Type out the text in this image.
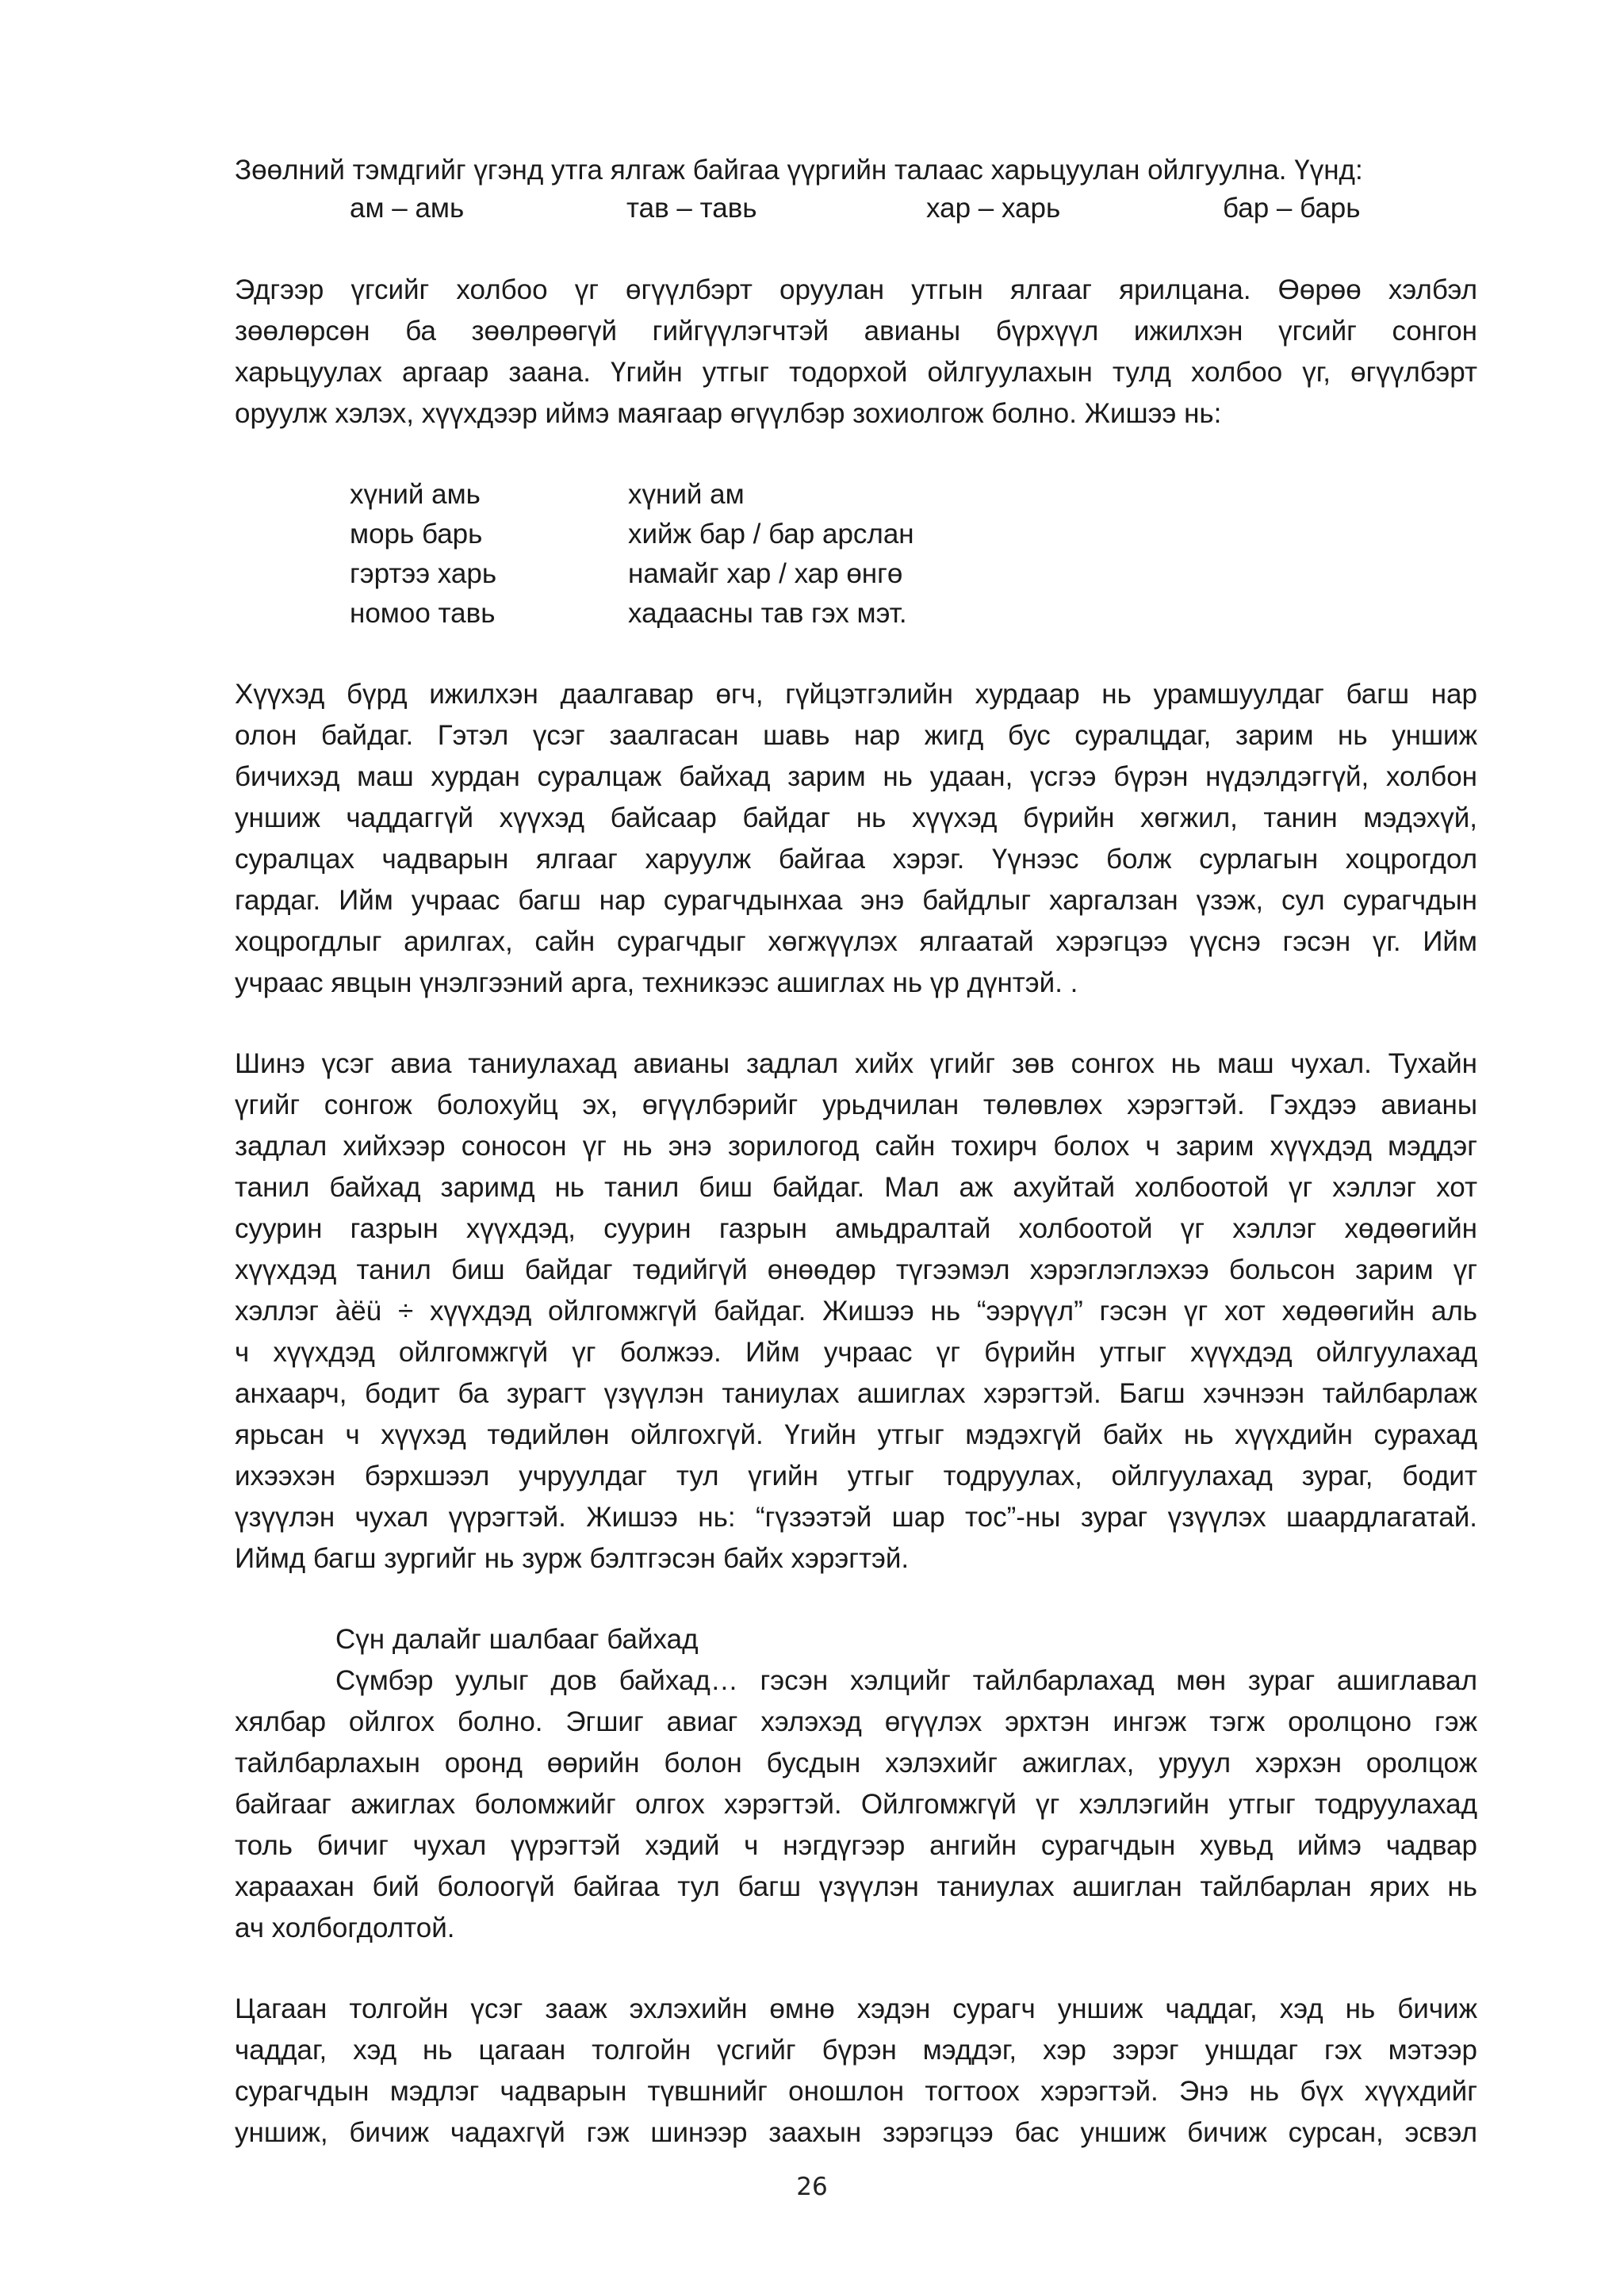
Зөөлний тэмдгийг үгэнд утга ялгаж байгаа үүргийн талаас харьцуулан ойлгуулна. Үүнд:
ам – амь	тав – тавь	хар – харь	бар – барь
Эдгээр үгсийг холбоо үг өгүүлбэрт оруулан утгын ялгааг ярилцана. Өөрөө хэлбэл
зөөлөрсөн ба зөөлрөөгүй гийгүүлэгчтэй авианы бүрхүүл ижилхэн үгсийг сонгон
харьцуулах аргаар заана. Үгийн утгыг тодорхой ойлгуулахын тулд холбоо үг, өгүүлбэрт
оруулж хэлэх, хүүхдээр иймэ маягаар өгүүлбэр зохиолгож болно. Жишээ нь:
хүний амь	хүний ам
морь барь	хийж бар / бар арслан
гэртээ харь	намайг хар / хар өнгө
номоо тавь	хадаасны тав гэх мэт.
Хүүхэд бүрд ижилхэн даалгавар өгч, гүйцэтгэлийн хурдаар нь урамшуулдаг багш нар
олон байдаг. Гэтэл үсэг заалгасан шавь нар жигд бус суралцдаг, зарим нь уншиж
бичихэд маш хурдан суралцаж байхад зарим нь удаан, үсгээ бүрэн нүдэлдэггүй, холбон
уншиж чаддаггүй хүүхэд байсаар байдаг нь хүүхэд бүрийн хөгжил, танин мэдэхүй,
суралцах чадварын ялгааг харуулж байгаа хэрэг. Үүнээс болж сурлагын хоцрогдол
гардаг. Ийм учраас багш нар сурагчдынхаа энэ байдлыг харгалзан үзэж, сул сурагчдын
хоцрогдлыг арилгах, сайн сурагчдыг хөгжүүлэх ялгаатай хэрэгцээ үүснэ гэсэн үг. Ийм
учраас явцын үнэлгээний арга, техникээс ашиглах нь үр дүнтэй. .
Шинэ үсэг авиа таниулахад авианы задлал хийх үгийг зөв сонгох нь маш чухал. Тухайн
үгийг сонгож болохуйц эх, өгүүлбэрийг урьдчилан төлөвлөх хэрэгтэй. Гэхдээ авианы
задлал хийхээр соносон үг нь энэ зорилогод сайн тохирч болох ч зарим хүүхдэд мэддэг
танил байхад заримд нь танил биш байдаг. Мал аж ахуйтай холбоотой үг хэллэг хот
суурин газрын хүүхдэд, суурин газрын амьдралтай холбоотой үг хэллэг хөдөөгийн
хүүхдэд танил биш байдаг төдийгүй өнөөдөр түгээмэл хэрэглэглэхээ больсон зарим үг
хэллэг àёü ÷ хүүхдэд ойлгомжгүй байдаг. Жишээ нь “ээрүүл” гэсэн үг хот хөдөөгийн аль
ч хүүхдэд ойлгомжгүй үг болжээ. Ийм учраас үг бүрийн утгыг хүүхдэд ойлгуулахад
анхаарч, бодит ба зурагт үзүүлэн таниулах ашиглах хэрэгтэй. Багш хэчнээн тайлбарлаж
ярьсан ч хүүхэд төдийлөн ойлгохгүй. Үгийн утгыг мэдэхгүй байх нь хүүхдийн сурахад
ихээхэн бэрхшээл учруулдаг тул үгийн утгыг тодруулах, ойлгуулахад зураг, бодит
үзүүлэн чухал үүрэгтэй. Жишээ нь: “гүзээтэй шар тос”-ны зураг үзүүлэх шаардлагатай.
Иймд багш зургийг нь зурж бэлтгэсэн байх хэрэгтэй.
Сүн далайг шалбааг байхад
Сүмбэр уулыг дов байхад… гэсэн хэлцийг тайлбарлахад мөн зураг ашиглавал
хялбар ойлгох болно. Эгшиг авиаг хэлэхэд өгүүлэх эрхтэн ингэж тэгж оролцоно гэж
тайлбарлахын оронд өөрийн болон бусдын хэлэхийг ажиглах, уруул хэрхэн оролцож
байгааг ажиглах боломжийг олгох хэрэгтэй. Ойлгомжгүй үг хэллэгийн утгыг тодруулахад
толь бичиг чухал үүрэгтэй хэдий ч нэгдүгээр ангийн сурагчдын хувьд иймэ чадвар
хараахан бий болоогүй байгаа тул багш үзүүлэн таниулах ашиглан тайлбарлан ярих нь
ач холбогдолтой.
Цагаан толгойн үсэг зааж эхлэхийн өмнө хэдэн сурагч уншиж чаддаг, хэд нь бичиж
чаддаг, хэд нь цагаан толгойн үсгийг бүрэн мэддэг, хэр зэрэг уншдаг гэх мэтээр
сурагчдын мэдлэг чадварын түвшнийг оношлон тогтоох хэрэгтэй. Энэ нь бүх хүүхдийг
уншиж, бичиж чадахгүй гэж шинээр заахын зэрэгцээ бас уншиж бичиж сурсан, эсвэл
26
